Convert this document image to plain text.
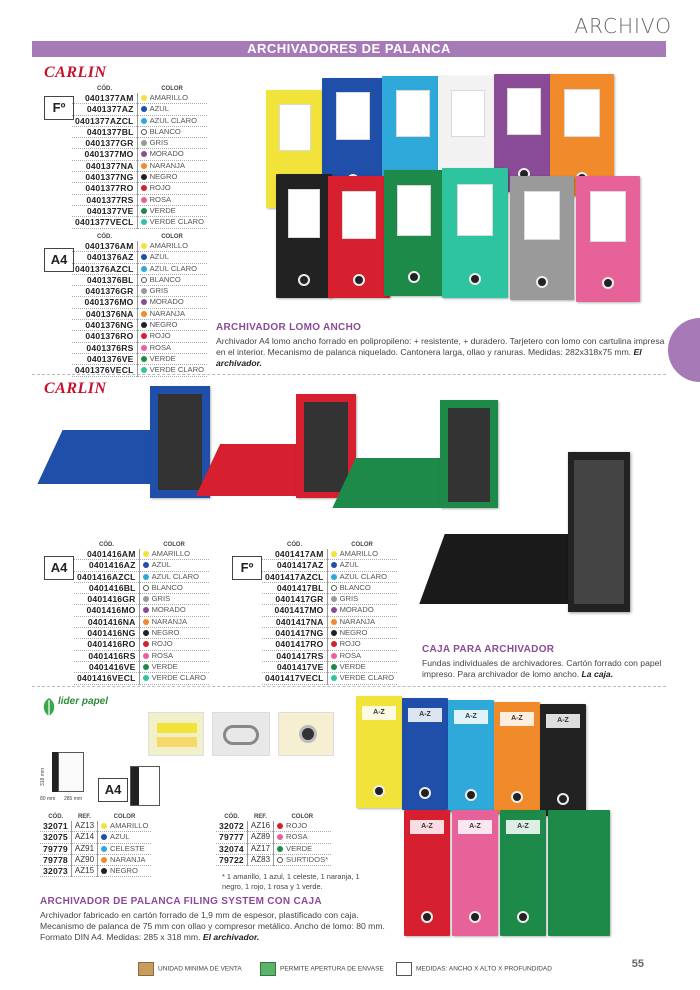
ARCHIVO
ARCHIVADORES DE PALANCA
CARLIN
Fº
CÓD.	COLOR
0401377AM	AMARILLO
0401377AZ	AZUL
0401377AZCL	AZUL CLARO
0401377BL	BLANCO
0401377GR	GRIS
0401377MO	MORADO
0401377NA	NARANJA
0401377NG	NEGRO
0401377RO	ROJO
0401377RS	ROSA
0401377VE	VERDE
0401377VECL	VERDE CLARO
A4
CÓD.	COLOR
0401376AM	AMARILLO
0401376AZ	AZUL
0401376AZCL	AZUL CLARO
0401376BL	BLANCO
0401376GR	GRIS
0401376MO	MORADO
0401376NA	NARANJA
0401376NG	NEGRO
0401376RO	ROJO
0401376RS	ROSA
0401376VE	VERDE
0401376VECL	VERDE CLARO
ARCHIVADOR LOMO ANCHO
Archivador A4 lomo ancho forrado en polipropileno: + resistente, + duradero. Tarjetero con lomo con cartulina impresa en el interior. Mecanismo de palanca niquelado. Cantonera larga, ollao y ranuras. Medidas: 282x318x75 mm. El archivador.
CARLIN
A4
CÓD.	COLOR
0401416AM	AMARILLO
0401416AZ	AZUL
0401416AZCL	AZUL CLARO
0401416BL	BLANCO
0401416GR	GRIS
0401416MO	MORADO
0401416NA	NARANJA
0401416NG	NEGRO
0401416RO	ROJO
0401416RS	ROSA
0401416VE	VERDE
0401416VECL	VERDE CLARO
Fº
CÓD.	COLOR
0401417AM	AMARILLO
0401417AZ	AZUL
0401417AZCL	AZUL CLARO
0401417BL	BLANCO
0401417GR	GRIS
0401417MO	MORADO
0401417NA	NARANJA
0401417NG	NEGRO
0401417RO	ROJO
0401417RS	ROSA
0401417VE	VERDE
0401417VECL	VERDE CLARO
CAJA PARA ARCHIVADOR
Fundas individuales de archivadores. Cartón forrado con papel impreso. Para archivador de lomo ancho. La caja.
lider papel
318 mm
80 mm 285 mm
A4
CÓD.	REF.	COLOR
32071	AZ13	AMARILLO
32075	AZ14	AZUL
79779	AZ91	CELESTE
79778	AZ90	NARANJA
32073	AZ15	NEGRO
CÓD.	REF.	COLOR
32072	AZ16	ROJO
79777	AZ89	ROSA
32074	AZ17	VERDE
79722	AZ83	SURTIDOS*
* 1 amarillo, 1 azul, 1 celeste, 1 naranja, 1 negro, 1 rojo, 1 rosa y 1 verde.
A-Z	A-Z	A-Z	A-Z	A-Z
A-Z	A-Z	A-Z
ARCHIVADOR DE PALANCA FILING SYSTEM CON CAJA
Archivador fabricado en cartón forrado de 1,9 mm de espesor, plastificado con caja. Mecanismo de palanca de 75 mm con ollao y compresor metálico. Ancho de lomo: 80 mm. Formato DIN A4. Medidas: 285 x 318 mm. El archivador.
UNIDAD MINIMA DE VENTA	PERMITE APERTURA DE ENVASE	MEDIDAS: ANCHO X ALTO X PROFUNDIDAD	55
